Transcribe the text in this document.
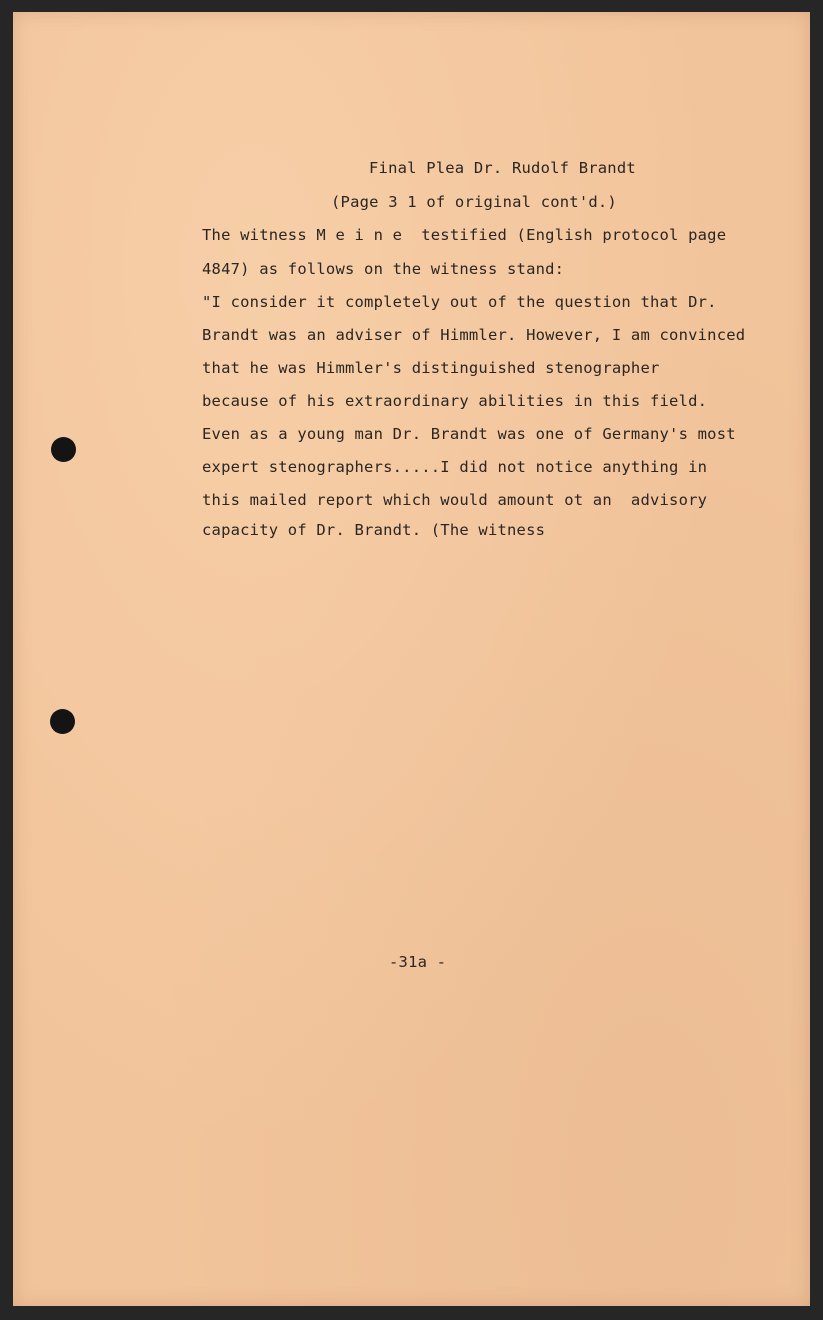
Final Plea Dr. Rudolf Brandt

(Page 3 1 of original cont'd.)

The witness M e i n e  testified (English protocol page

4847) as follows on the witness stand:

"I consider it completely out of the question that Dr.

Brandt was an adviser of Himmler. However, I am convinced

that he was Himmler's distinguished stenographer

because of his extraordinary abilities in this field.

Even as a young man Dr. Brandt was one of Germany's most

expert stenographers.....I did not notice anything in

this mailed report which would amount ot an  advisory

capacity of Dr. Brandt. (The witness

-31a -
